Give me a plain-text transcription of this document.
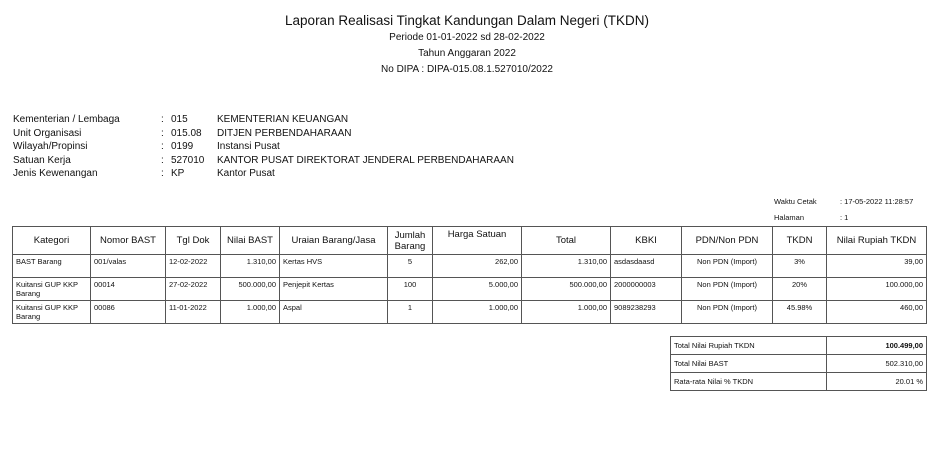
Laporan Realisasi Tingkat Kandungan Dalam Negeri (TKDN)
Periode 01-01-2022 sd 28-02-2022
Tahun Anggaran 2022
No DIPA : DIPA-015.08.1.527010/2022
Kementerian / Lembaga	: 015	KEMENTERIAN KEUANGAN
Unit Organisasi	: 015.08	DITJEN PERBENDAHARAAN
Wilayah/Propinsi	: 0199	Instansi Pusat
Satuan Kerja	: 527010	KANTOR PUSAT DIREKTORAT JENDERAL PERBENDAHARAAN
Jenis Kewenangan	: KP	Kantor Pusat
Waktu Cetak	: 17-05-2022 11:28:57
Halaman	: 1
Kategori	Nomor BAST	Tgl Dok	Nilai BAST	Uraian Barang/Jasa	Jumlah Barang	Harga Satuan	Total	KBKI	PDN/Non PDN	TKDN	Nilai Rupiah TKDN
BAST Barang	001/valas	12-02-2022	1.310,00	Kertas HVS	5	262,00	1.310,00	asdasdaasd	Non PDN (Import)	3%	39,00
Kuitansi GUP KKP Barang	00014	27-02-2022	500.000,00	Penjepit Kertas	100	5.000,00	500.000,00	2000000003	Non PDN (Import)	20%	100.000,00
Kuitansi GUP KKP Barang	00086	11-01-2022	1.000,00	Aspal	1	1.000,00	1.000,00	9089238293	Non PDN (Import)	45.98%	460,00
Total Nilai Rupiah TKDN	100.499,00
Total Nilai BAST	502.310,00
Rata-rata Nilai % TKDN	20.01 %
